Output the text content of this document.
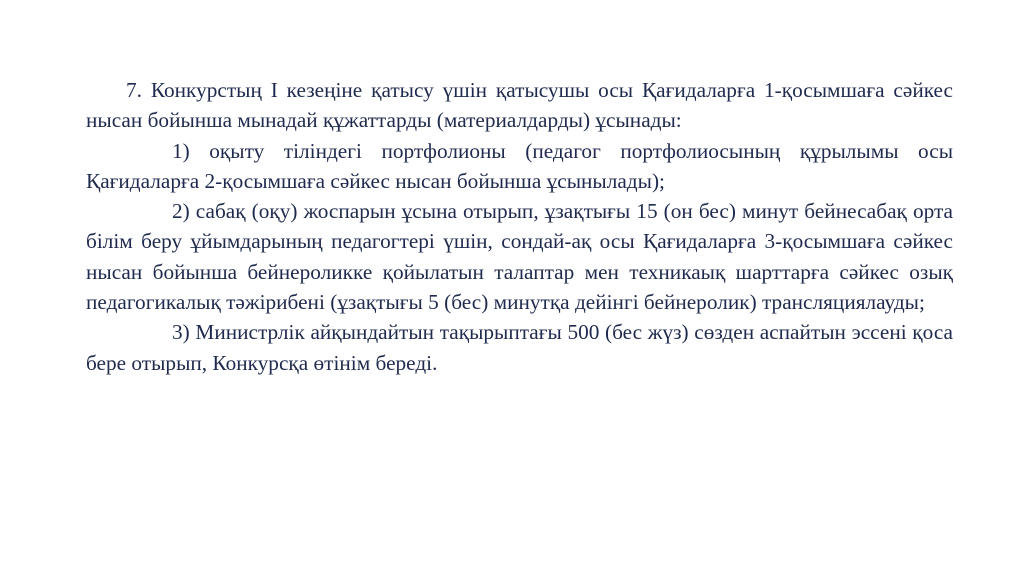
7. Конкурстың І кезеңіне қатысу үшін қатысушы осы Қағидаларға 1-қосымшаға сәйкес нысан бойынша мынадай құжаттарды (материалдарды) ұсынады:

1) оқыту тіліндегі портфолионы (педагог портфолиосының құрылымы осы Қағидаларға 2-қосымшаға сәйкес нысан бойынша ұсынылады);

2) сабақ (оқу) жоспарын ұсына отырып, ұзақтығы 15 (он бес) минут бейнесабақ орта білім беру ұйымдарының педагогтері үшін, сондай-ақ осы Қағидаларға 3-қосымшаға сәйкес нысан бойынша бейнероликке қойылатын талаптар мен техникаық шарттарға сәйкес озық педагогикалық тәжірибені (ұзақтығы 5 (бес) минутқа дейінгі бейнеролик) трансляциялауды;

3) Министрлік айқындайтын тақырыптағы 500 (бес жүз) сөзден аспайтын эссені қоса бере отырып, Конкурсқа өтінім береді.
